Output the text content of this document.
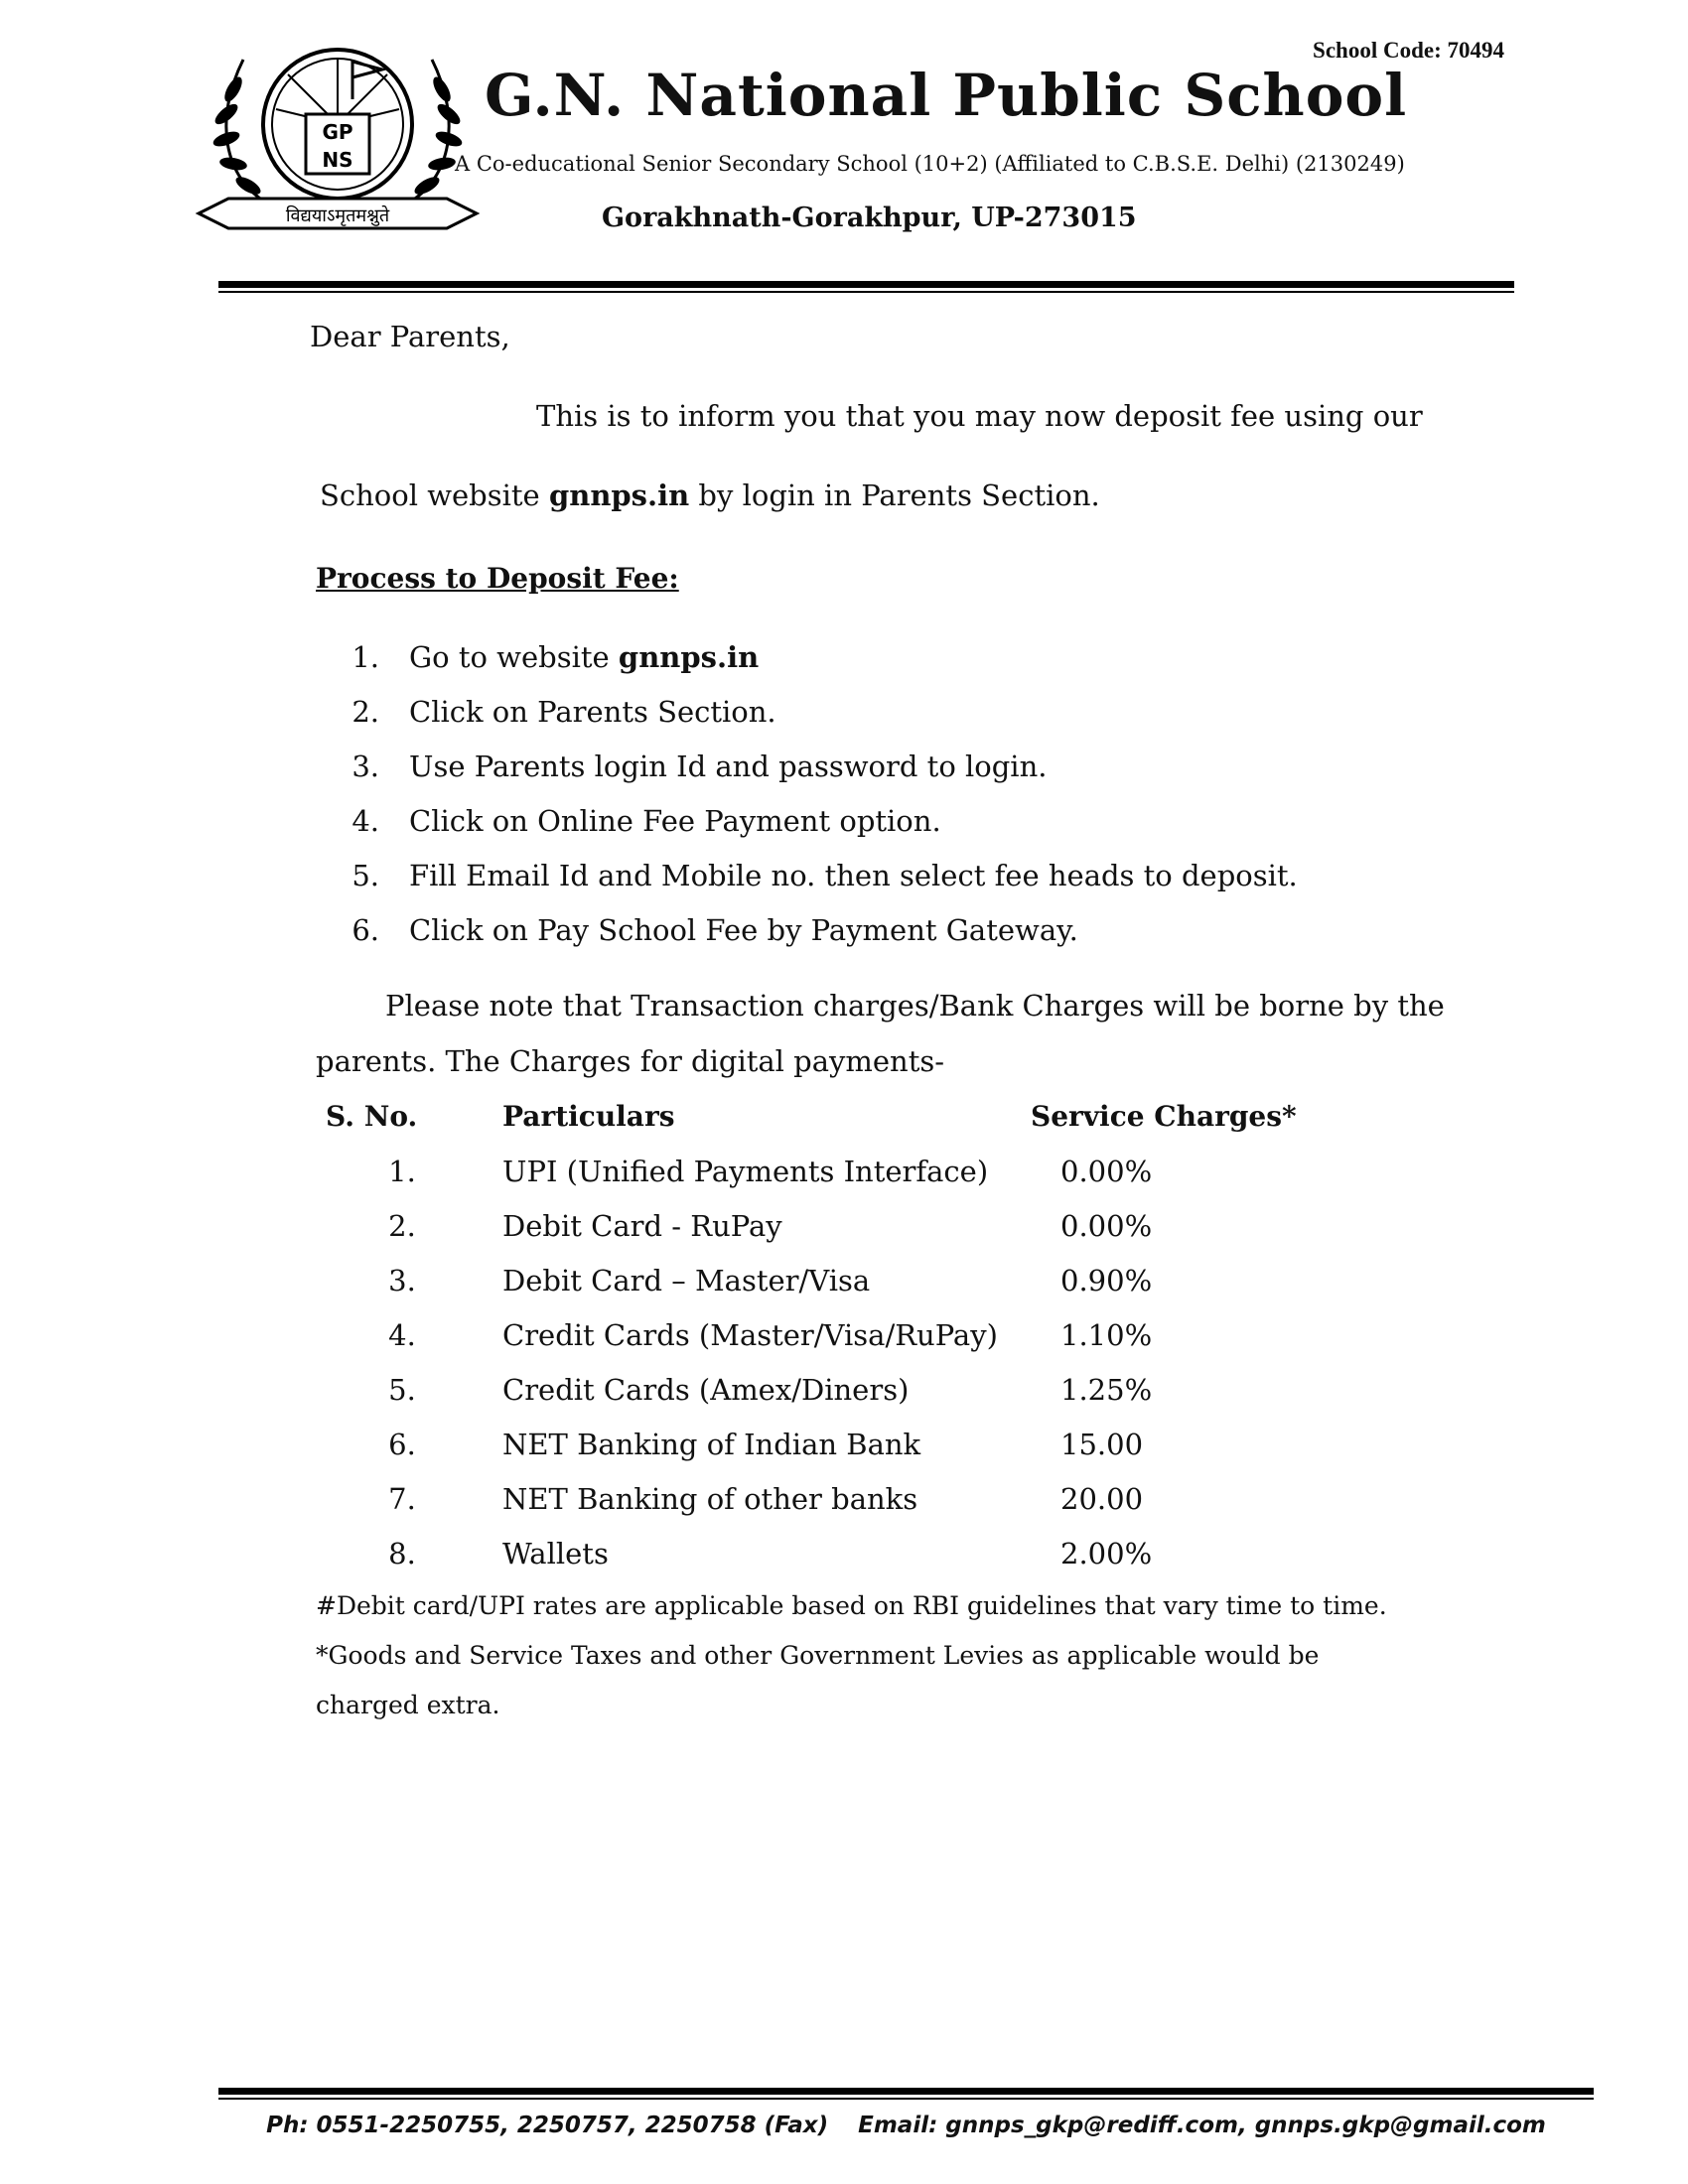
GP
NS
विद्ययाऽमृतमश्नुते
School Code: 70494
G.N. National Public School
A Co-educational Senior Secondary School (10+2) (Affiliated to C.B.S.E. Delhi) (2130249)
Gorakhnath-Gorakhpur, UP-273015
Dear Parents,
This is to inform you that you may now deposit fee using our
School website gnnps.in by login in Parents Section.
Process to Deposit Fee:
1. Go to website gnnps.in
2. Click on Parents Section.
3. Use Parents login Id and password to login.
4. Click on Online Fee Payment option.
5. Fill Email Id and Mobile no. then select fee heads to deposit.
6. Click on Pay School Fee by Payment Gateway.
Please note that Transaction charges/Bank Charges will be borne by the
parents. The Charges for digital payments-
S. No.	Particulars	Service Charges*
1.	UPI (Unified Payments Interface)	0.00%
2.	Debit Card - RuPay	0.00%
3.	Debit Card – Master/Visa	0.90%
4.	Credit Cards (Master/Visa/RuPay) 1.10%
5.	Credit Cards (Amex/Diners)	1.25%
6.	NET Banking of Indian Bank	15.00
7.	NET Banking of other banks	20.00
8.	Wallets	2.00%
#Debit card/UPI rates are applicable based on RBI guidelines that vary time to time.
*Goods and Service Taxes and other Government Levies as applicable would be
charged extra.
Ph: 0551-2250755, 2250757, 2250758 (Fax) Email: gnnps_gkp@rediff.com, gnnps.gkp@gmail.com
